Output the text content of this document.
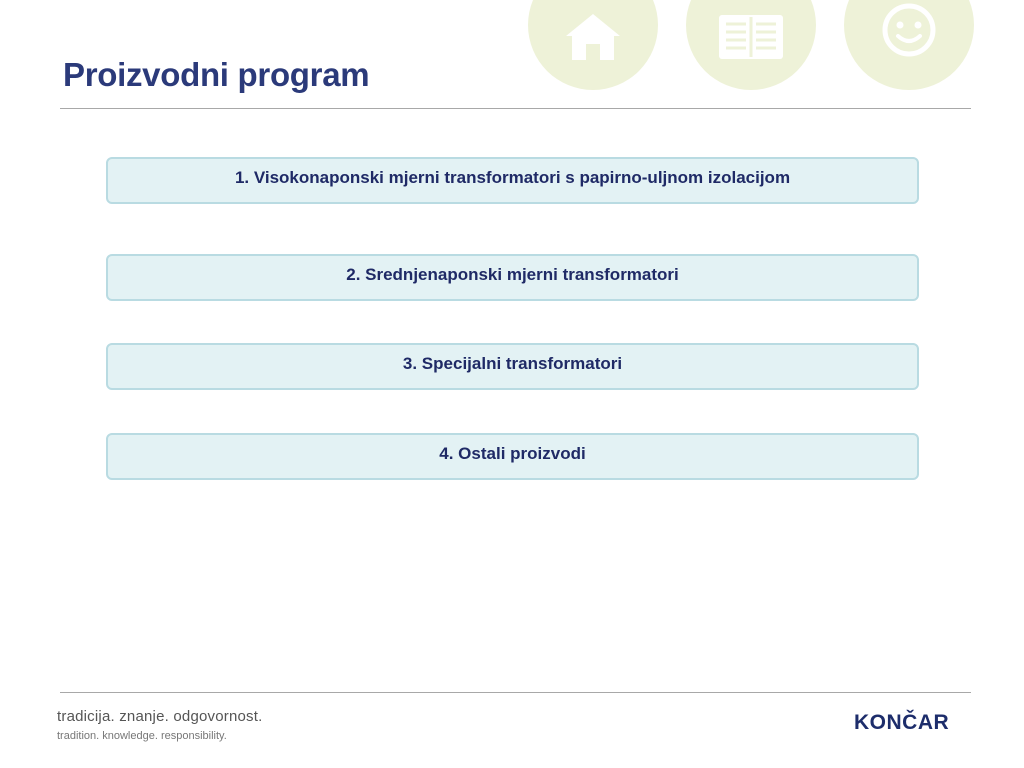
Proizvodni program
1. Visokonaponski mjerni transformatori s papirno-uljnom izolacijom
2. Srednjenaponski mjerni transformatori
3. Specijalni transformatori
4. Ostali proizvodi
tradicija. znanje. odgovornost.
tradition. knowledge. responsibility.
KONČAR
